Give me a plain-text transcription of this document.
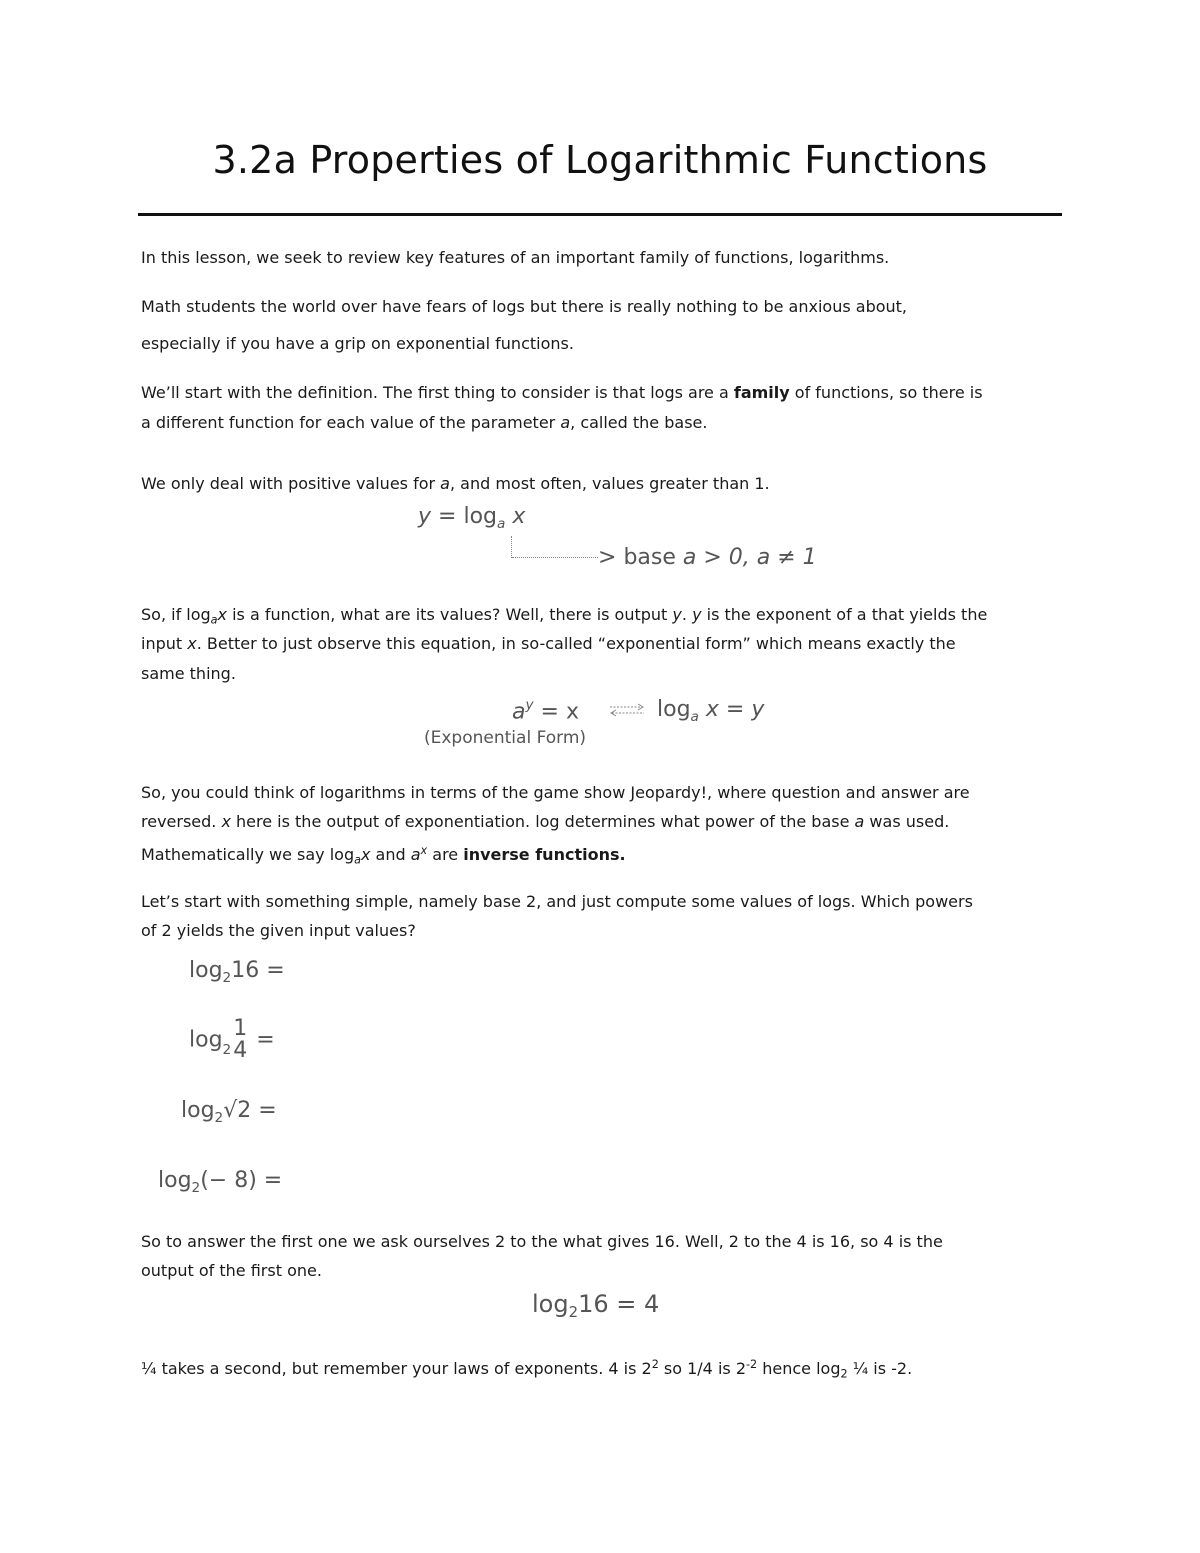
3.2a Properties of Logarithmic Functions
In this lesson, we seek to review key features of an important family of functions, logarithms.
Math students the world over have fears of logs but there is really nothing to be anxious about,
especially if you have a grip on exponential functions.
We’ll start with the definition. The first thing to consider is that logs are a family of functions, so there is
a different function for each value of the parameter a, called the base.
We only deal with positive values for a, and most often, values greater than 1.
$y = \log_a x$
> base a > 0, a ≠ 1
So, if $\log_ax$ is a function, what are its values? Well, there is output y. y is the exponent of a that yields the
input x. Better to just observe this equation, in so-called “exponential form” which means exactly the
same thing.
$a^y = x$	$\log_a x = y$
(Exponential Form)
So, you could think of logarithms in terms of the game show Jeopardy!, where question and answer are
reversed. x here is the output of exponentiation. log determines what power of the base a was used.
Mathematically we say $\log_ax$ and $a^x$ are inverse functions.
Let’s start with something simple, namely base 2, and just compute some values of logs. Which powers
of 2 yields the given input values?
$\log_216$ =
$\log_2$
1
4 =
$\log_2√2$ =
$\log_2(- 8)$ =
So to answer the first one we ask ourselves 2 to the what gives 16. Well, 2 to the 4 is 16, so 4 is the
output of the first one.
$\log_216 = 4$
¼ takes a second, but remember your laws of exponents. 4 is $2^2$ so 1/4 is $2^{-2}$ hence $\log_2$ ¼ is -2.
